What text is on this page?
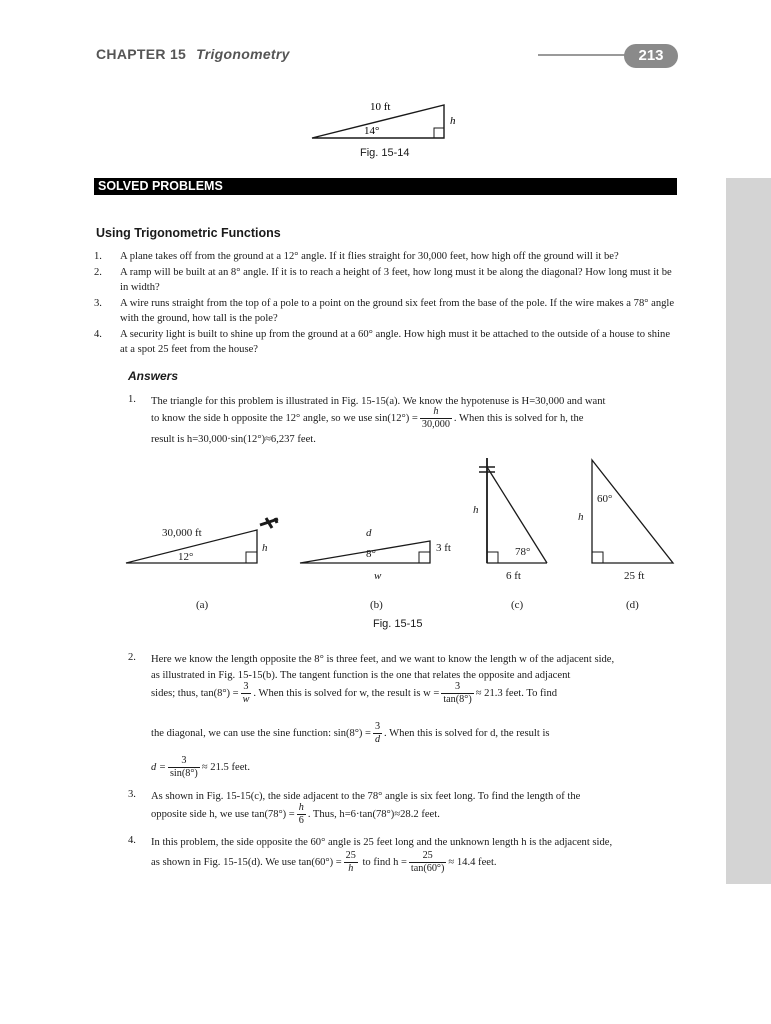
CHAPTER 15 Trigonometry	213
10 ft
14°
h
Fig. 15-14
SOLVED PROBLEMS
Using Trigonometric Functions
1. A plane takes off from the ground at a 12° angle. If it flies straight for 30,000 feet, how high off the ground will it be?
2. A ramp will be built at an 8° angle. If it is to reach a height of 3 feet, how long must it be along the diagonal? How long must it be in width?
3. A wire runs straight from the top of a pole to a point on the ground six feet from the base of the pole. If the wire makes a 78° angle with the ground, how tall is the pole?
4. A security light is built to shine up from the ground at a 60° angle. How high must it be attached to the outside of a house to shine at a spot 25 feet from the house?
Answers
1. The triangle for this problem is illustrated in Fig. 15-15(a). We know the hypotenuse is H=30,000 and want
to know the side h opposite the 12° angle, so we use $\sin(12^\circ) = \frac{h}{30,000}$ . When this is solved for h, the
result is h=30,000·sin(12°)≈6,237 feet.
30,000 ft
12°
h
(a)
d
8°	3 ft
w
(b)
h
78°
6 ft
(c)
60°
h
25 ft
(d)
Fig. 15-15
2. Here we know the length opposite the 8° is three feet, and we want to know the length w of the adjacent side,
as illustrated in Fig. 15-15(b). The tangent function is the one that relates the opposite and adjacent
sides; thus, $\tan(8^\circ) = \frac{3}{w}$ . When this is solved for w, the result is $w = \frac{3}{\tan(8^\circ)} \approx 21.3$ feet. To find
the diagonal, we can use the sine function: $\sin(8^\circ) = \frac{3}{d}$ . When this is solved for d, the result is
$d = \frac{3}{\sin(8^\circ)} \approx 21.5$ feet.
3. As shown in Fig. 15-15(c), the side adjacent to the 78° angle is six feet long. To find the length of the
opposite side h, we use $\tan(78^\circ) = \frac{h}{6}$ . Thus, h=6·tan(78°)≈28.2 feet.
4. In this problem, the side opposite the 60° angle is 25 feet long and the unknown length h is the adjacent side,
as shown in Fig. 15-15(d). We use $\tan(60^\circ) = \frac{25}{h}$ to find $h = \frac{25}{\tan(60^\circ)} \approx 14.4$ feet.
